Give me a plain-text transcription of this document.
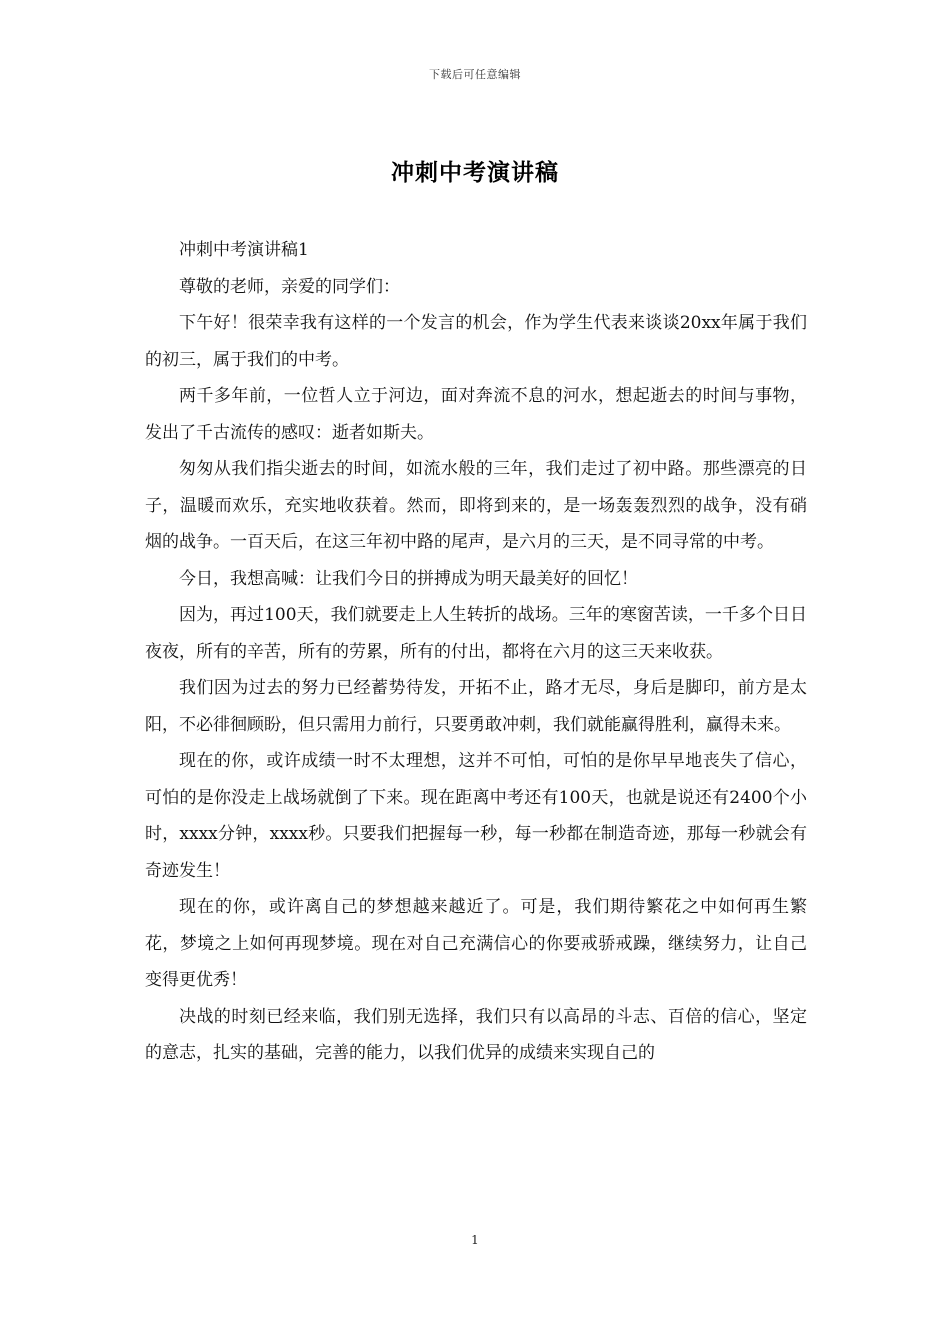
下载后可任意编辑
冲刺中考演讲稿

冲刺中考演讲稿1

尊敬的老师，亲爱的同学们：

下午好！很荣幸我有这样的一个发言的机会，作为学生代表来谈谈20xx年属于我们的初三，属于我们的中考。

两千多年前，一位哲人立于河边，面对奔流不息的河水，想起逝去的时间与事物，发出了千古流传的感叹：逝者如斯夫。

匆匆从我们指尖逝去的时间，如流水般的三年，我们走过了初中路。那些漂亮的日子，温暖而欢乐，充实地收获着。然而，即将到来的，是一场轰轰烈烈的战争，没有硝烟的战争。一百天后，在这三年初中路的尾声，是六月的三天，是不同寻常的中考。

今日，我想高喊：让我们今日的拼搏成为明天最美好的回忆！

因为，再过100天，我们就要走上人生转折的战场。三年的寒窗苦读，一千多个日日夜夜，所有的辛苦，所有的劳累，所有的付出，都将在六月的这三天来收获。

我们因为过去的努力已经蓄势待发，开拓不止，路才无尽，身后是脚印，前方是太阳，不必徘徊顾盼，但只需用力前行，只要勇敢冲刺，我们就能赢得胜利，赢得未来。

现在的你，或许成绩一时不太理想，这并不可怕，可怕的是你早早地丧失了信心，可怕的是你没走上战场就倒了下来。现在距离中考还有100天，也就是说还有2400个小时，xxxx分钟，xxxx秒。只要我们把握每一秒，每一秒都在制造奇迹，那每一秒就会有奇迹发生！

现在的你，或许离自己的梦想越来越近了。可是，我们期待繁花之中如何再生繁花，梦境之上如何再现梦境。现在对自己充满信心的你要戒骄戒躁，继续努力，让自己变得更优秀！

决战的时刻已经来临，我们别无选择，我们只有以高昂的斗志、百倍的信心，坚定的意志，扎实的基础，完善的能力，以我们优异的成绩来实现自己的

1
